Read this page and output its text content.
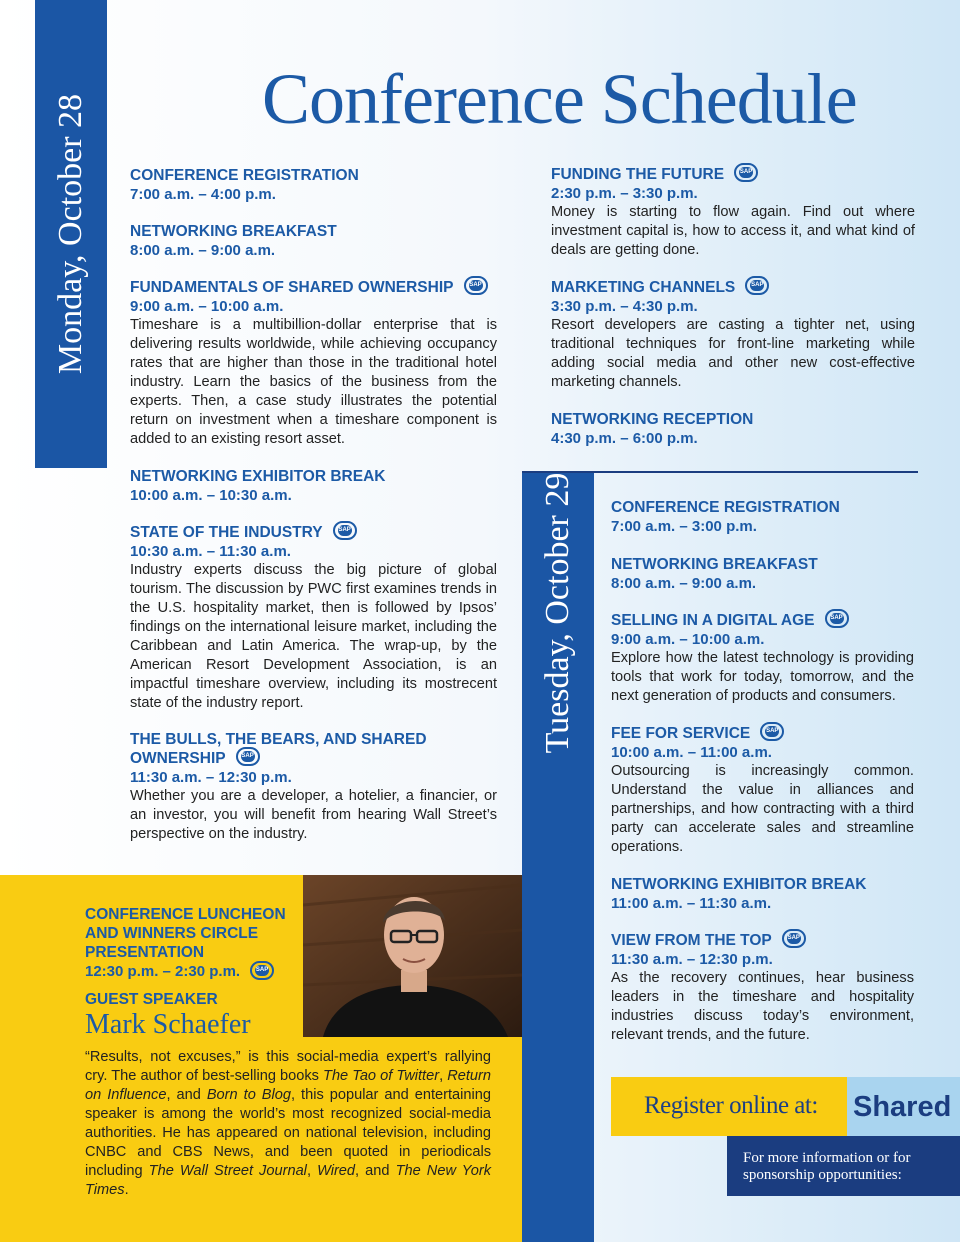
Conference Schedule
Monday, October 28	CONFERENCE REGISTRATION
7:00 a.m. – 4:00 p.m.
NETWORKING BREAKFAST
8:00 a.m. – 9:00 a.m.
FUNDAMENTALS OF SHARED OWNERSHIP	SAP
9:00 a.m. – 10:00 a.m.
Timeshare is a multibillion-dollar enterprise that is delivering results worldwide, while achieving occupancy rates that are higher than those in the traditional hotel industry. Learn the basics of the business from the experts. Then, a case study illustrates the potential return on investment when a timeshare component is added to an existing resort asset.
NETWORKING EXHIBITOR BREAK
10:00 a.m. – 10:30 a.m.
STATE OF THE INDUSTRY	SAP
10:30 a.m. – 11:30 a.m.
Industry experts discuss the big picture of global tourism. The discussion by PWC first examines trends in the U.S. hospitality market, then is followed by Ipsos’ findings on the international leisure market, including the Caribbean and Latin America. The wrap-up, by the American Resort Development Association, is an impactful timeshare overview, including its mostrecent state of the industry report.
THE BULLS, THE BEARS, AND SHARED OWNERSHIP	SAP
11:30 a.m. – 12:30 p.m.
Whether you are a developer, a hotelier, a financier, or an investor, you will benefit from hearing Wall Street’s perspective on the industry.
FUNDING THE FUTURE	SAP
2:30 p.m. – 3:30 p.m.
Money is starting to flow again. Find out where investment capital is, how to access it, and what kind of deals are getting done.
MARKETING CHANNELS	SAP
3:30 p.m. – 4:30 p.m.
Resort developers are casting a tighter net, using traditional techniques for front-line marketing while adding social media and other new cost-effective marketing channels.
NETWORKING RECEPTION
4:30 p.m. – 6:00 p.m.
Tuesday, October 29 CONFERENCE REGISTRATION
7:00 a.m. – 3:00 p.m.
NETWORKING BREAKFAST
8:00 a.m. – 9:00 a.m.
SELLING IN A DIGITAL AGE	SAP
9:00 a.m. – 10:00 a.m.
Explore how the latest technology is providing tools that work for today, tomorrow, and the next generation of products and consumers.
FEE FOR SERVICE	SAP
10:00 a.m. – 11:00 a.m.
Outsourcing is increasingly common. Understand the value in alliances and partnerships, and how contracting with a third party can accelerate sales and streamline operations.
NETWORKING EXHIBITOR BREAK
11:00 a.m. – 11:30 a.m.
VIEW FROM THE TOP	SAP
11:30 a.m. – 12:30 p.m.
As the recovery continues, hear business leaders in the timeshare and hospitality industries discuss today’s environment, relevant trends, and the future.
CONFERENCE LUNCHEON
AND WINNERS CIRCLE
PRESENTATION
12:30 p.m. – 2:30 p.m.	SAP
GUEST SPEAKER
Mark Schaefer
“Results, not excuses,” is this social-media expert’s rallying cry. The author of best-selling books The Tao of Twitter, Return on Influence, and Born to Blog, this popular and entertaining speaker is among the world’s most recognized social-media authorities. He has appeared on national television, including CNBC and CBS News, and been quoted in periodicals including The Wall Street Journal, Wired, and The New York Times.
Register online at: Shared
For more information or for sponsorship opportunities:
